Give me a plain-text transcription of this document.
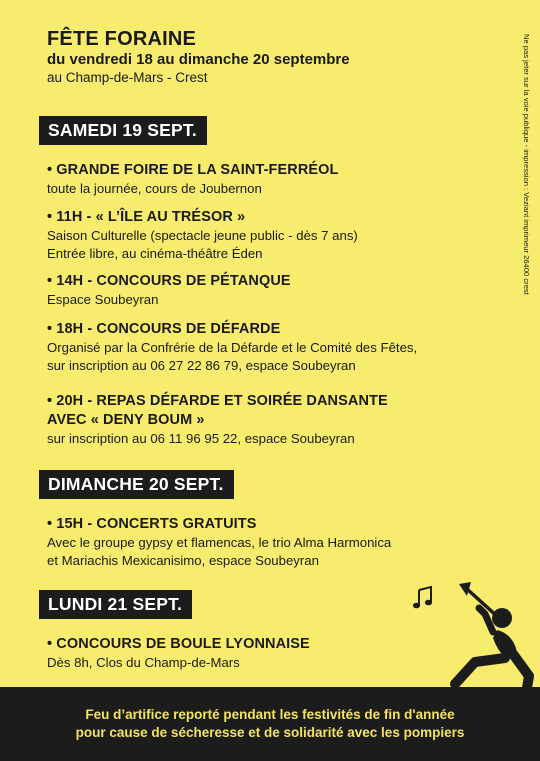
FÊTE FORAINE
du vendredi 18 au dimanche 20 septembre
au Champ-de-Mars - Crest	Ne pas jeter sur la voie publique - impression : Veziant imprimeur 26400 crest
SAMEDI 19 SEPT.
• GRANDE FOIRE DE LA SAINT-FERRÉOL
toute la journée, cours de Joubernon
• 11H - « L’ÎLE AU TRÉSOR »
Saison Culturelle (spectacle jeune public - dès 7 ans)
Entrée libre, au cinéma-théâtre Éden
• 14H - CONCOURS DE PÉTANQUE
Espace Soubeyran
• 18H - CONCOURS DE DÉFARDE
Organisé par la Confrérie de la Défarde et le Comité des Fêtes,
sur inscription au 06 27 22 86 79, espace Soubeyran
• 20H - REPAS DÉFARDE ET SOIRÉE DANSANTE
AVEC « DENY BOUM »
sur inscription au 06 11 96 95 22, espace Soubeyran
DIMANCHE 20 SEPT.
• 15H - CONCERTS GRATUITS
Avec le groupe gypsy et flamencas, le trio Alma Harmonica
et Mariachis Mexicanisimo, espace Soubeyran
LUNDI 21 SEPT.
• CONCOURS DE BOULE LYONNAISE
Dès 8h, Clos du Champ-de-Mars

Feu d’artifice reporté pendant les festivités de fin d'année
pour cause de sécheresse et de solidarité avec les pompiers
